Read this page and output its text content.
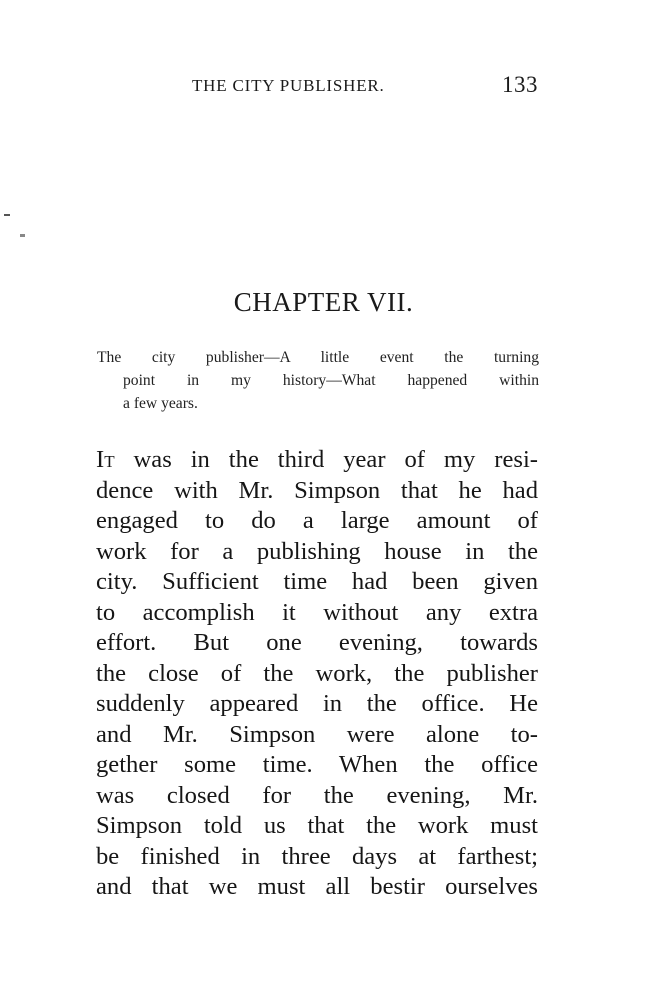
THE CITY PUBLISHER.	133
CHAPTER VII.
The city publisher—A little event the turning
point in my history—What happened within
a few years.
It was in the third year of my resi-
dence with Mr. Simpson that he had
engaged to do a large amount of
work for a publishing house in the
city. Sufficient time had been given
to accomplish it without any extra
effort. But one evening, towards
the close of the work, the publisher
suddenly appeared in the office. He
and Mr. Simpson were alone to-
gether some time. When the office
was closed for the evening, Mr.
Simpson told us that the work must
be finished in three days at farthest;
and that we must all bestir ourselves
